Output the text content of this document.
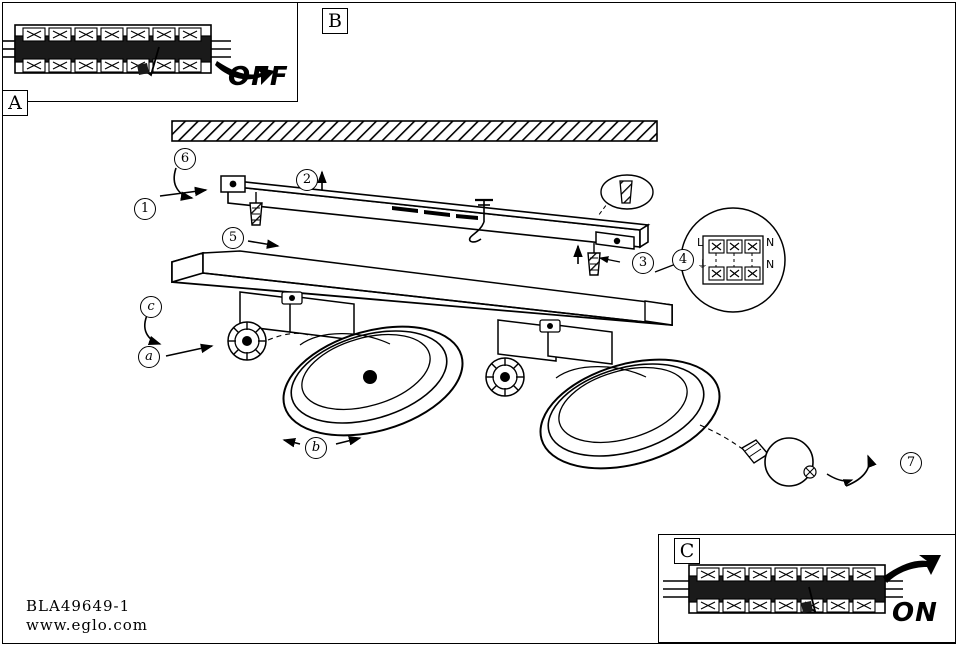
L
⏚
N
N
1
2
3	4
5
6
7
a
b
c
A
OFF
B
C
ON
BLA49649-1
www.eglo.com
